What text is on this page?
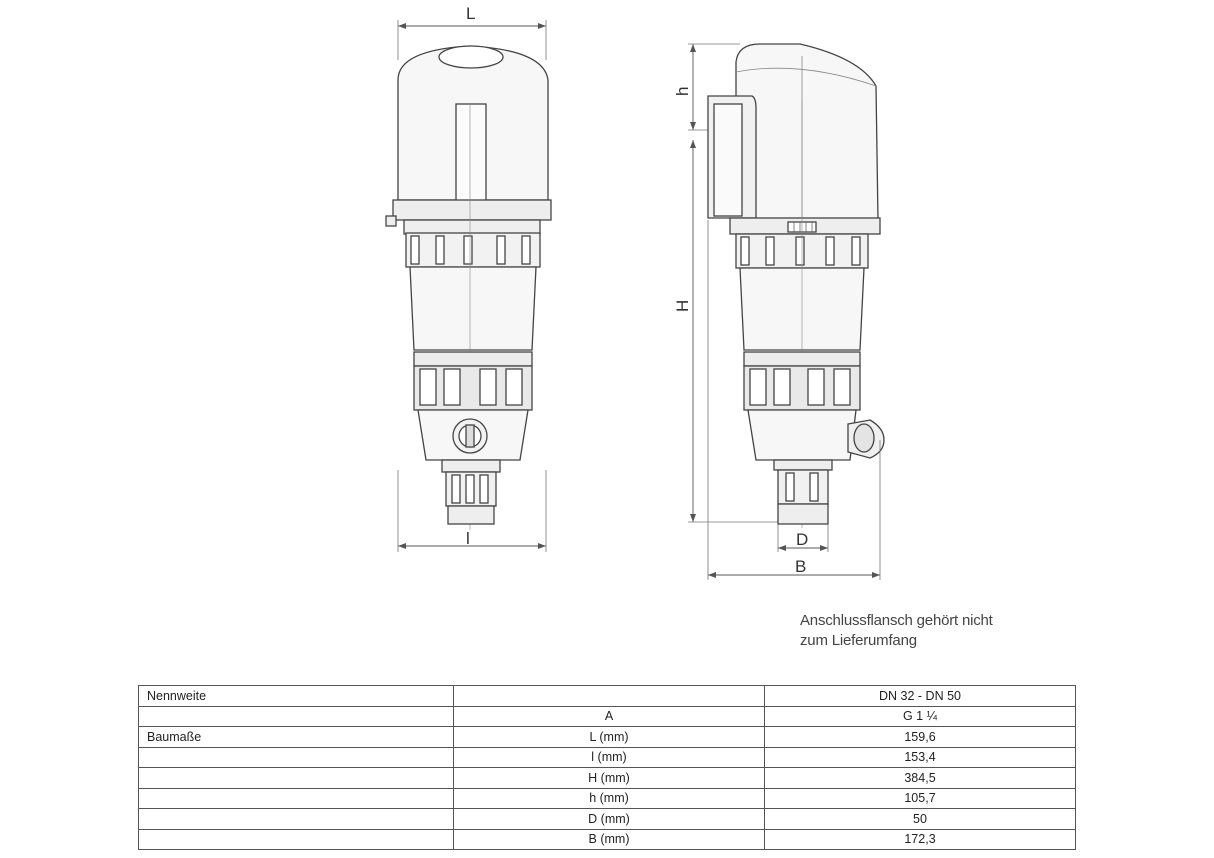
L
l	D
B
h
H
Anschlussflansch gehört nicht
zum Lieferumfang
Nennweite		DN 32 - DN 50
	A	G 1 ¼
Baumaße	L (mm)	159,6
	l (mm)	153,4
	H (mm)	384,5
	h (mm)	105,7
	D (mm)	50
	B (mm)	172,3
